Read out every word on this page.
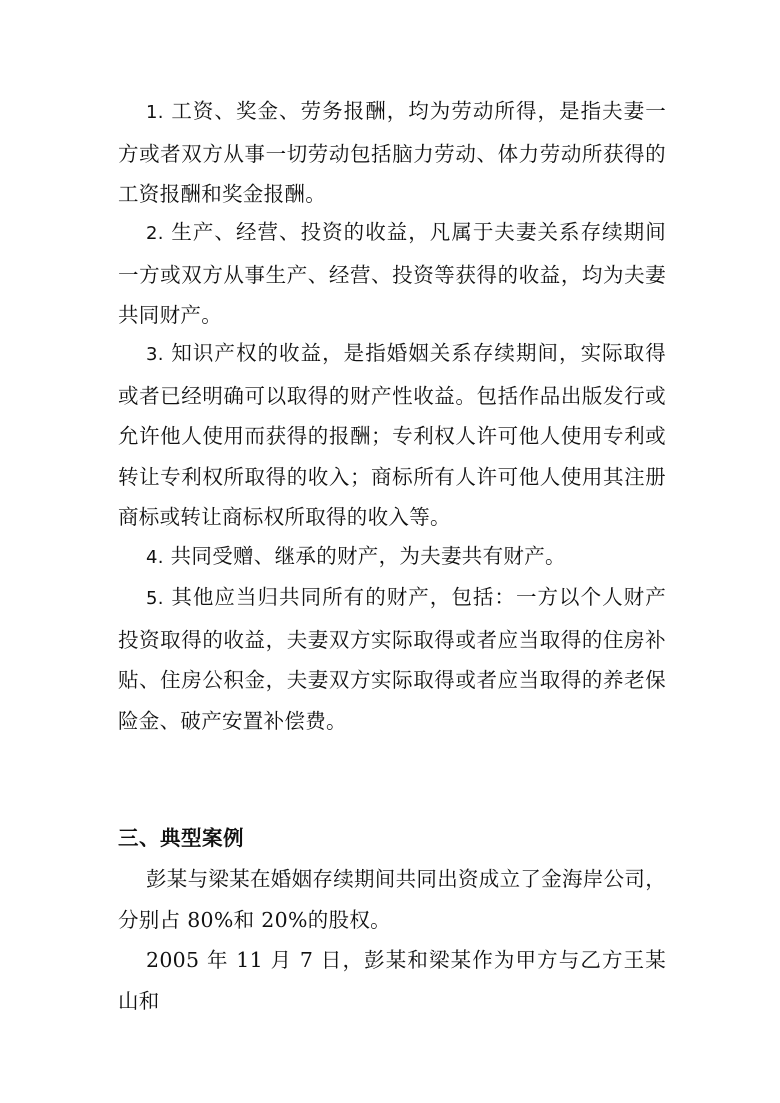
1. 工资、奖金、劳务报酬，均为劳动所得，是指夫妻一方或者双方从事一切劳动包括脑力劳动、体力劳动所获得的工资报酬和奖金报酬。

2. 生产、经营、投资的收益，凡属于夫妻关系存续期间一方或双方从事生产、经营、投资等获得的收益，均为夫妻共同财产。

3. 知识产权的收益，是指婚姻关系存续期间，实际取得或者已经明确可以取得的财产性收益。包括作品出版发行或允许他人使用而获得的报酬；专利权人许可他人使用专利或转让专利权所取得的收入；商标所有人许可他人使用其注册商标或转让商标权所取得的收入等。

4. 共同受赠、继承的财产，为夫妻共有财产。

5. 其他应当归共同所有的财产，包括：一方以个人财产投资取得的收益，夫妻双方实际取得或者应当取得的住房补贴、住房公积金，夫妻双方实际取得或者应当取得的养老保险金、破产安置补偿费。

三、典型案例

彭某与梁某在婚姻存续期间共同出资成立了金海岸公司，分别占 80%和 20%的股权。

2005 年 11 月 7 日，彭某和梁某作为甲方与乙方王某山和
